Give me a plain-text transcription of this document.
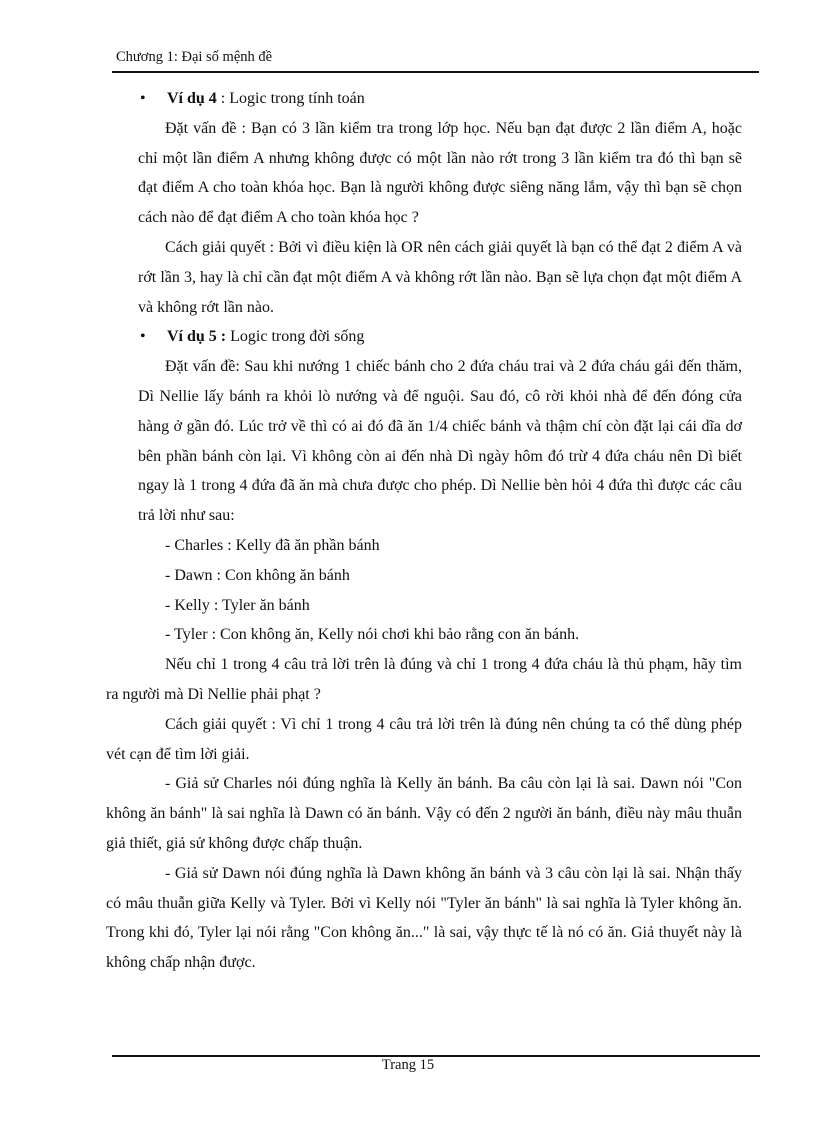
Chương 1: Đại số mệnh đề

• Ví dụ 4 : Logic trong tính toán

Đặt vấn đề : Bạn có 3 lần kiểm tra trong lớp học. Nếu bạn đạt được 2 lần điểm A, hoặc chỉ một lần điểm A nhưng không được có một lần nào rớt trong 3 lần kiểm tra đó thì bạn sẽ đạt điểm A cho toàn khóa học. Bạn là người không được siêng năng lắm, vậy thì bạn sẽ chọn cách nào để đạt điểm A cho toàn khóa học ?

Cách giải quyết : Bởi vì điều kiện là OR nên cách giải quyết là bạn có thể đạt 2 điểm A và rớt lần 3, hay là chỉ cần đạt một điểm A và không rớt lần nào. Bạn sẽ lựa chọn đạt một điểm A và không rớt lần nào.

• Ví dụ 5 : Logic trong đời sống

Đặt vấn đề: Sau khi nướng 1 chiếc bánh cho 2 đứa cháu trai và 2 đứa cháu gái đến thăm, Dì Nellie lấy bánh ra khỏi lò nướng và để nguội. Sau đó, cô rời khỏi nhà để đến đóng cửa hàng ở gần đó. Lúc trở về thì có ai đó đã ăn 1/4 chiếc bánh và thậm chí còn đặt lại cái dĩa dơ bên phần bánh còn lại. Vì không còn ai đến nhà Dì ngày hôm đó trừ 4 đứa cháu nên Dì biết ngay là 1 trong 4 đứa đã ăn mà chưa được cho phép. Dì Nellie bèn hỏi 4 đứa thì được các câu trả lời như sau:

- Charles : Kelly đã ăn phần bánh

- Dawn : Con không ăn bánh

- Kelly : Tyler ăn bánh

- Tyler : Con không ăn, Kelly nói chơi khi bảo rằng con ăn bánh.

Nếu chỉ 1 trong 4 câu trả lời trên là đúng và chỉ 1 trong 4 đứa cháu là thủ phạm, hãy tìm ra người mà Dì Nellie phải phạt ?

Cách giải quyết : Vì chỉ 1 trong 4 câu trả lời trên là đúng nên chúng ta có thể dùng phép vét cạn để tìm lời giải.

- Giả sử Charles nói đúng nghĩa là Kelly ăn bánh. Ba câu còn lại là sai. Dawn nói "Con không ăn bánh" là sai nghĩa là Dawn có ăn bánh. Vậy có đến 2 người ăn bánh, điều này mâu thuẫn giả thiết, giả sử không được chấp thuận.

- Giả sử Dawn nói đúng nghĩa là Dawn không ăn bánh và 3 câu còn lại là sai. Nhận thấy có mâu thuẫn giữa Kelly và Tyler. Bởi vì Kelly nói "Tyler ăn bánh" là sai nghĩa là Tyler không ăn. Trong khi đó, Tyler lại nói rằng "Con không ăn..." là sai, vậy thực tế là nó có ăn. Giả thuyết này là không chấp nhận được.

Trang 15
